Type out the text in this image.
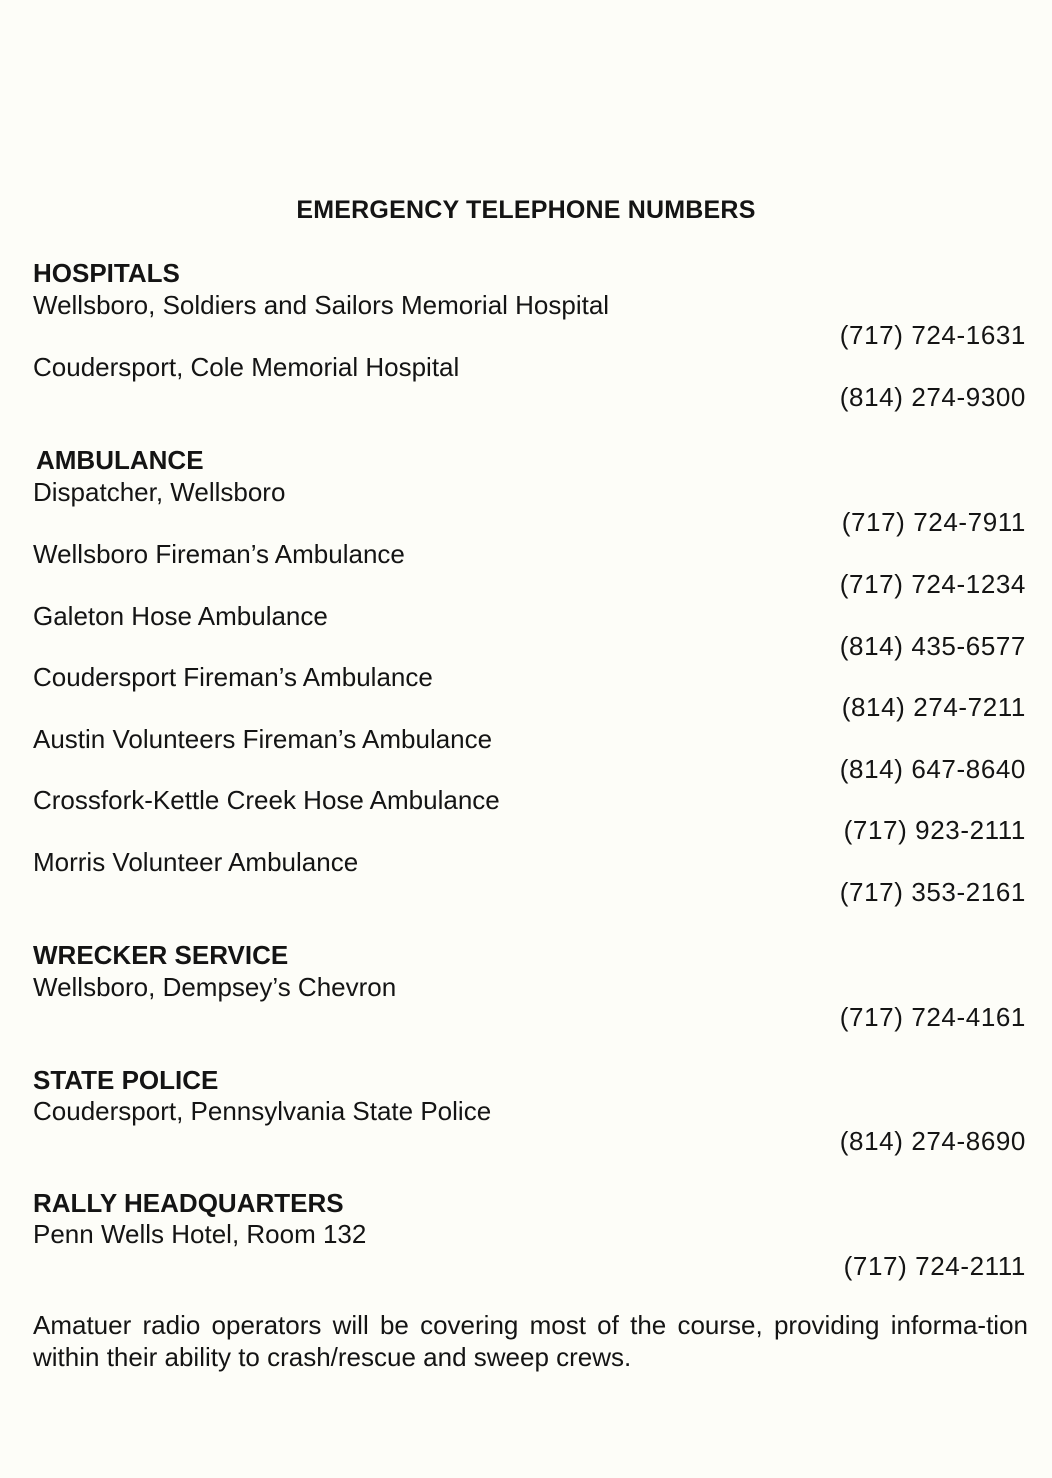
EMERGENCY TELEPHONE NUMBERS
HOSPITALS
Wellsboro, Soldiers and Sailors Memorial Hospital
(717) 724-1631
Coudersport, Cole Memorial Hospital
(814) 274-9300
AMBULANCE
Dispatcher, Wellsboro
(717) 724-7911
Wellsboro Fireman’s Ambulance
(717) 724-1234
Galeton Hose Ambulance
(814) 435-6577
Coudersport Fireman’s Ambulance
(814) 274-7211
Austin Volunteers Fireman’s Ambulance
(814) 647-8640
Crossfork-Kettle Creek Hose Ambulance
(717) 923-2111
Morris Volunteer Ambulance
(717) 353-2161
WRECKER SERVICE
Wellsboro, Dempsey’s Chevron
(717) 724-4161
STATE POLICE
Coudersport, Pennsylvania State Police
(814) 274-8690
RALLY HEADQUARTERS
Penn Wells Hotel, Room 132
(717) 724-2111
Amatuer radio operators will be covering most of the course, providing informa-tion within their ability to crash/rescue and sweep crews.
